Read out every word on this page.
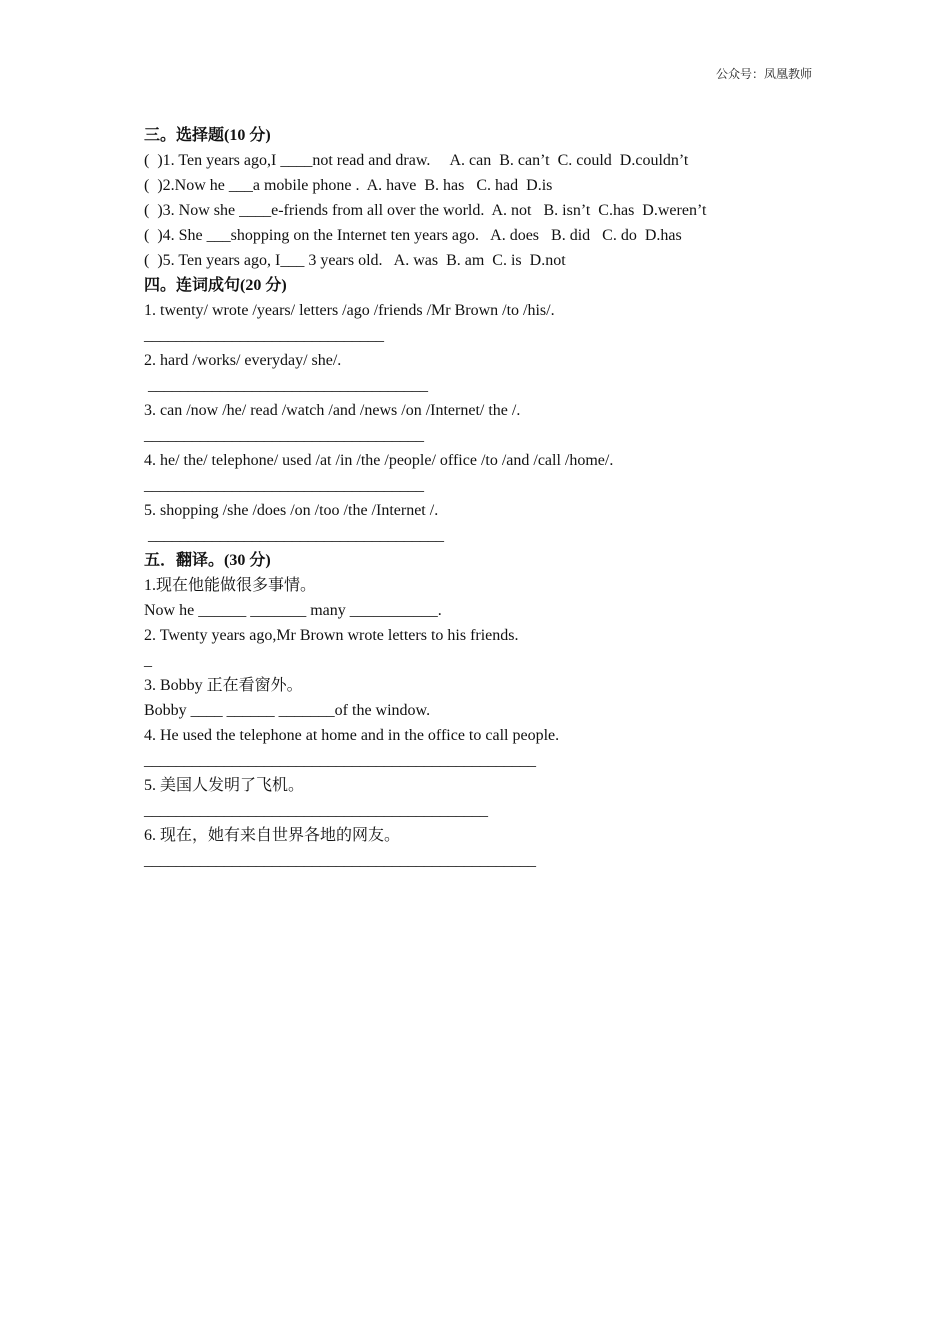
公众号：凤凰教师
三。选择题(10 分)
(  )1. Ten years ago,I ____not read and draw.     A. can  B. can’t  C. could  D.couldn’t
(  )2.Now he ___a mobile phone .  A. have  B. has   C. had  D.is
(  )3. Now she ____e-friends from all over the world.  A. not   B. isn’t  C.has  D.weren’t
(  )4. She ___shopping on the Internet ten years ago.   A. does   B. did   C. do  D.has
(  )5. Ten years ago, I___ 3 years old.   A. was  B. am  C. is  D.not
四。连词成句(20 分)
1. twenty/ wrote /years/ letters /ago /friends /Mr Brown /to /his/.
______________________________
2. hard /works/ everyday/ she/.
___________________________________
3. can /now /he/ read /watch /and /news /on /Internet/ the /.
___________________________________
4. he/ the/ telephone/ used /at /in /the /people/ office /to /and /call /home/.
___________________________________
5. shopping /she /does /on /too /the /Internet /.
_____________________________________
五．翻译。(30 分)
1.现在他能做很多事情。
Now he ______ _______ many ___________.
2. Twenty years ago,Mr Brown wrote letters to his friends.
_
3. Bobby 正在看窗外。
Bobby ____ ______ _______of the window.
4. He used the telephone at home and in the office to call people.
_________________________________________________
5. 美国人发明了飞机。
___________________________________________
6. 现在，她有来自世界各地的网友。
_________________________________________________
